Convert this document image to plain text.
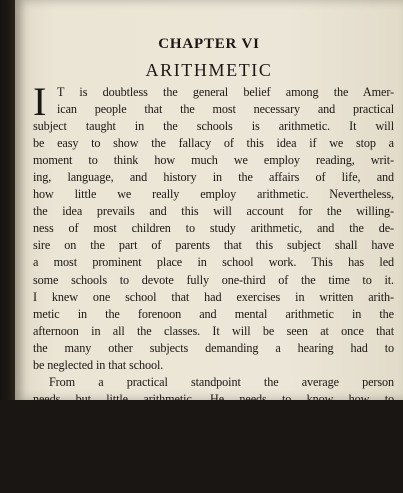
CHAPTER VI
ARITHMETIC
I T is doubtless the general belief among the Amer-
ican people that the most necessary and practical
subject taught in the schools is arithmetic. It will
be easy to show the fallacy of this idea if we stop a
moment to think how much we employ reading, writ-
ing, language, and history in the affairs of life, and
how little we really employ arithmetic. Nevertheless,
the idea prevails and this will account for the willing-
ness of most children to study arithmetic, and the de-
sire on the part of parents that this subject shall have
a most prominent place in school work. This has led
some schools to devote fully one-third of the time to it.
I knew one school that had exercises in written arith-
metic in the forenoon and mental arithmetic in the
afternoon in all the classes. It will be seen at once that
the many other subjects demanding a hearing had to
be neglected in that school.
From a practical standpoint the average person
needs but little arithmetic. He needs to know how to
add, subtract, multiply, and divide, a knowledge of
fractions, compound numbers, and decimals, and how
to apply decimals in percentage, computing interest,
etc. A great deal found in our arithmetics might well
be eliminated if one considers what is needed in life or
